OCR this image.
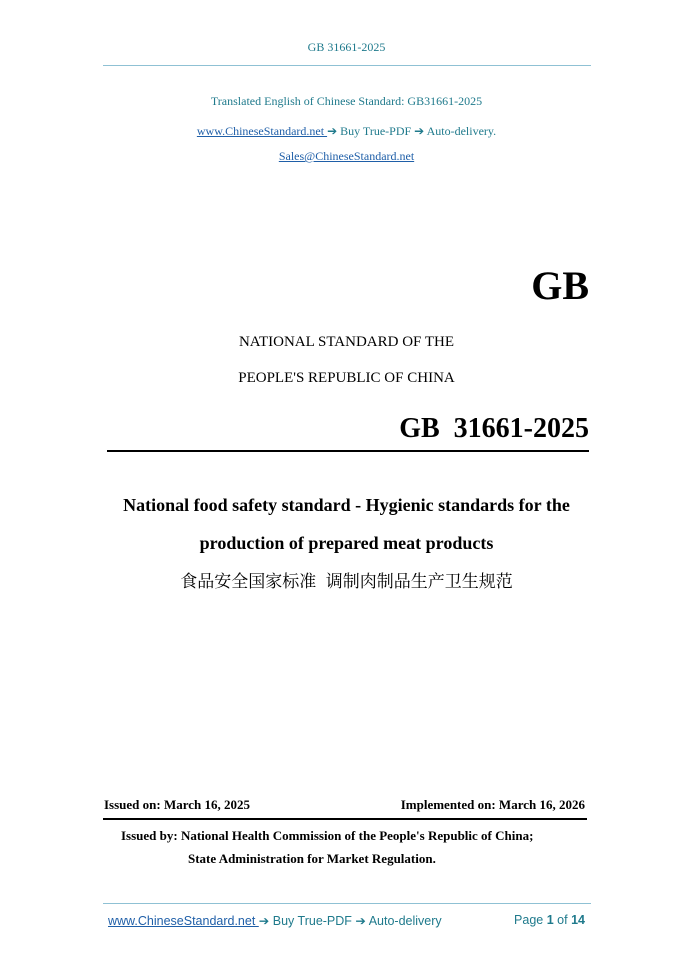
GB 31661-2025
Translated English of Chinese Standard: GB31661-2025
www.ChineseStandard.net ➔ Buy True-PDF ➔ Auto-delivery.
Sales@ChineseStandard.net
GB
NATIONAL STANDARD OF THE
PEOPLE'S REPUBLIC OF CHINA
GB  31661-2025
National food safety standard - Hygienic standards for the
production of prepared meat products
食品安全国家标准  调制肉制品生产卫生规范
Issued on: March 16, 2025	Implemented on: March 16, 2026
Issued by: National Health Commission of the People's Republic of China;
State Administration for Market Regulation.
www.ChineseStandard.net ➔ Buy True-PDF ➔ Auto-delivery	Page 1 of 14
